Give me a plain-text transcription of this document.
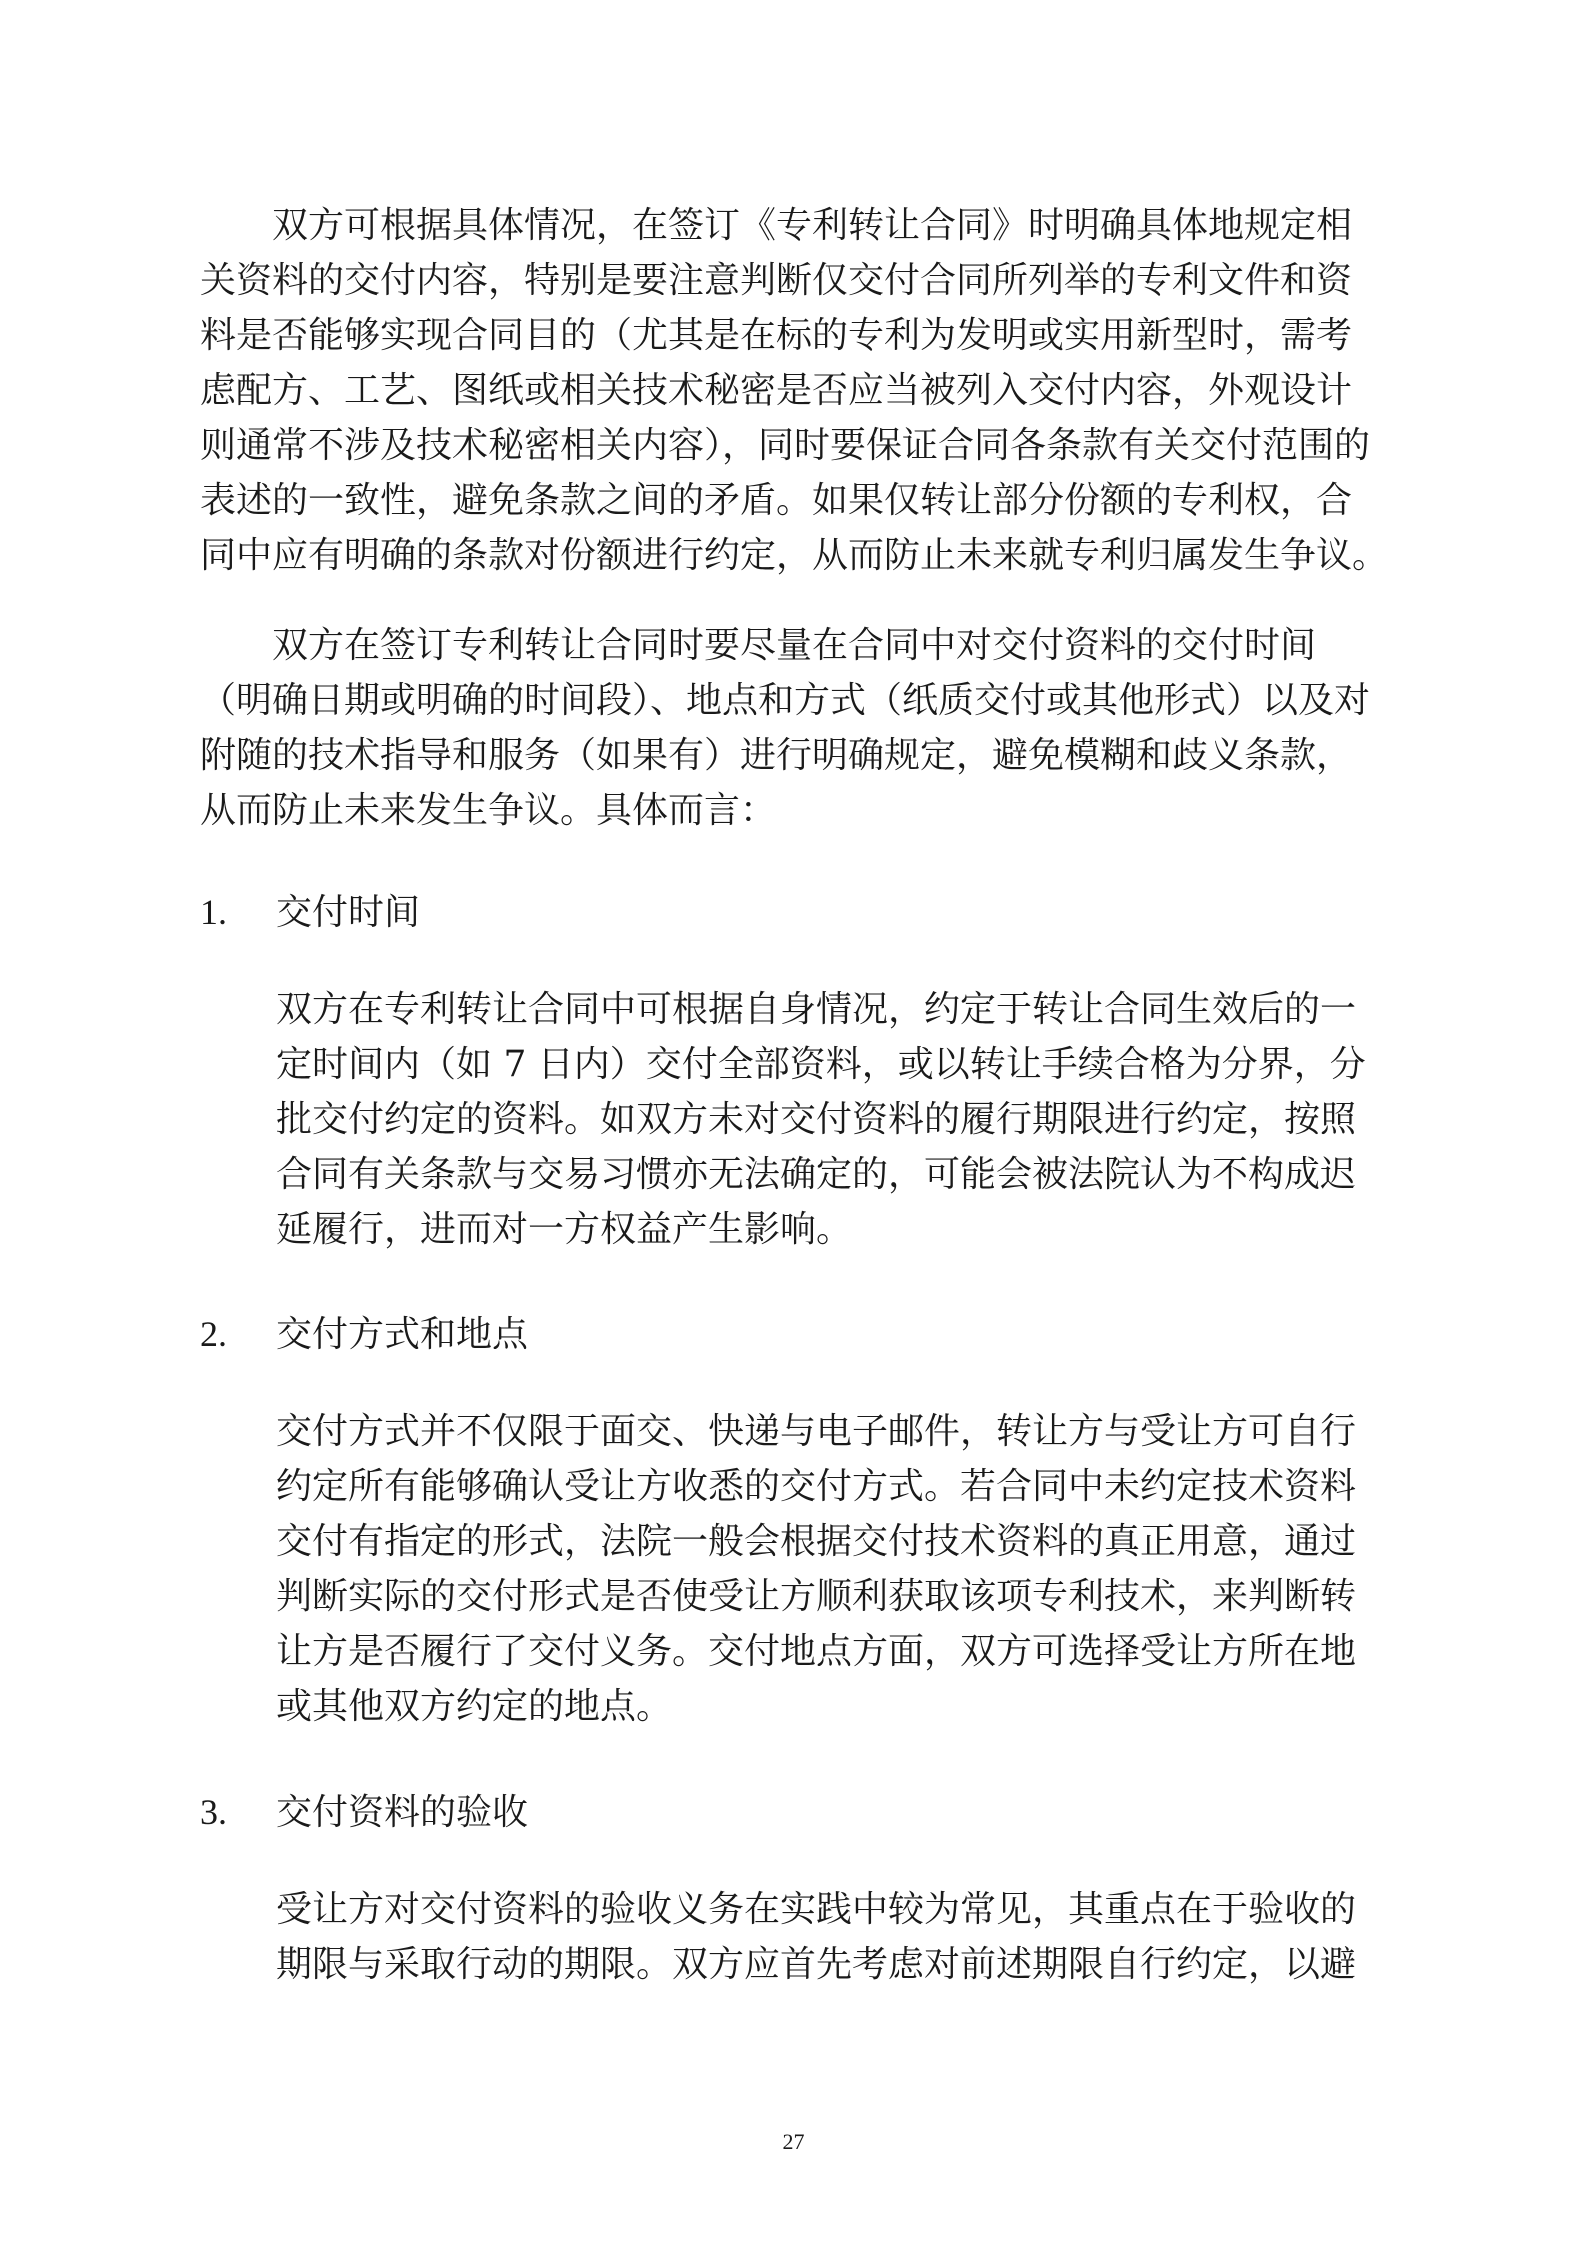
　　双方可根据具体情况，在签订《专利转让合同》时明确具体地规定相
关资料的交付内容，特别是要注意判断仅交付合同所列举的专利文件和资
料是否能够实现合同目的（尤其是在标的专利为发明或实用新型时，需考
虑配方、工艺、图纸或相关技术秘密是否应当被列入交付内容，外观设计
则通常不涉及技术秘密相关内容），同时要保证合同各条款有关交付范围的
表述的一致性，避免条款之间的矛盾。如果仅转让部分份额的专利权，合
同中应有明确的条款对份额进行约定，从而防止未来就专利归属发生争议。
　　双方在签订专利转让合同时要尽量在合同中对交付资料的交付时间
（明确日期或明确的时间段）、地点和方式（纸质交付或其他形式）以及对
附随的技术指导和服务（如果有）进行明确规定，避免模糊和歧义条款，
从而防止未来发生争议。具体而言：
1. 交付时间
双方在专利转让合同中可根据自身情况，约定于转让合同生效后的一
定时间内（如 7 日内）交付全部资料，或以转让手续合格为分界，分
批交付约定的资料。如双方未对交付资料的履行期限进行约定，按照
合同有关条款与交易习惯亦无法确定的，可能会被法院认为不构成迟
延履行，进而对一方权益产生影响。
2. 交付方式和地点
交付方式并不仅限于面交、快递与电子邮件，转让方与受让方可自行
约定所有能够确认受让方收悉的交付方式。若合同中未约定技术资料
交付有指定的形式，法院一般会根据交付技术资料的真正用意，通过
判断实际的交付形式是否使受让方顺利获取该项专利技术，来判断转
让方是否履行了交付义务。交付地点方面，双方可选择受让方所在地
或其他双方约定的地点。
3. 交付资料的验收
受让方对交付资料的验收义务在实践中较为常见，其重点在于验收的
期限与采取行动的期限。双方应首先考虑对前述期限自行约定，以避
27
